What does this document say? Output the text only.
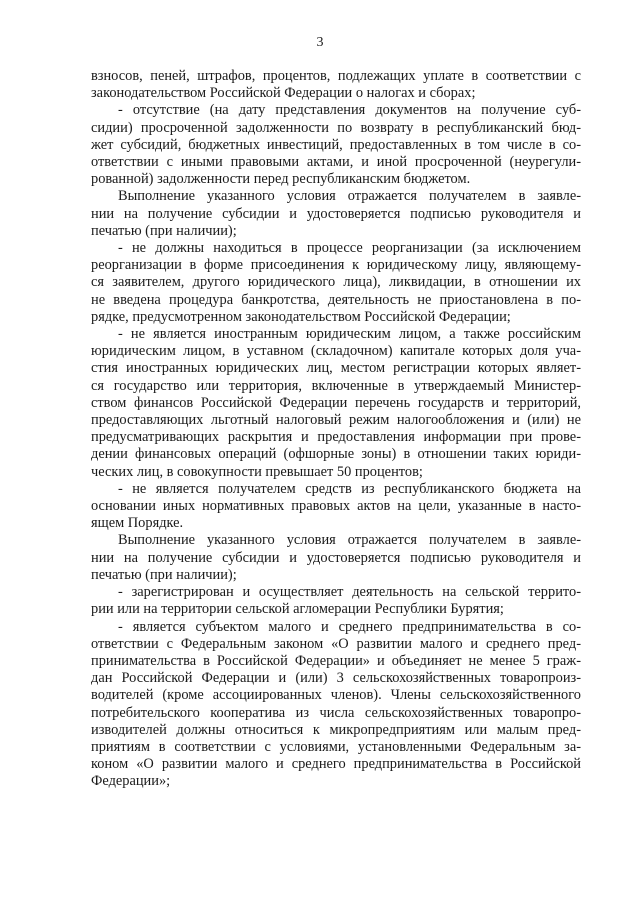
3
взносов, пеней, штрафов, процентов, подлежащих уплате в соответствии с
законодательством Российской Федерации о налогах и сборах;
- отсутствие (на дату представления документов на получение суб-
сидии) просроченной задолженности по возврату в республиканский бюд-
жет субсидий, бюджетных инвестиций, предоставленных в том числе в со-
ответствии с иными правовыми актами, и иной просроченной (неурегули-
рованной) задолженности перед республиканским бюджетом.
Выполнение указанного условия отражается получателем в заявле-
нии на получение субсидии и удостоверяется подписью руководителя и
печатью (при наличии);
- не должны находиться в процессе реорганизации (за исключением
реорганизации в форме присоединения к юридическому лицу, являющему-
ся заявителем, другого юридического лица), ликвидации, в отношении их
не введена процедура банкротства, деятельность не приостановлена в по-
рядке, предусмотренном законодательством Российской Федерации;
- не является иностранным юридическим лицом, а также российским
юридическим лицом, в уставном (складочном) капитале которых доля уча-
стия иностранных юридических лиц, местом регистрации которых являет-
ся государство или территория, включенные в утверждаемый Министер-
ством финансов Российской Федерации перечень государств и территорий,
предоставляющих льготный налоговый режим налогообложения и (или) не
предусматривающих раскрытия и предоставления информации при прове-
дении финансовых операций (офшорные зоны) в отношении таких юриди-
ческих лиц, в совокупности превышает 50 процентов;
- не является получателем средств из республиканского бюджета на
основании иных нормативных правовых актов на цели, указанные в насто-
ящем Порядке.
Выполнение указанного условия отражается получателем в заявле-
нии на получение субсидии и удостоверяется подписью руководителя и
печатью (при наличии);
- зарегистрирован и осуществляет деятельность на сельской террито-
рии или на территории сельской агломерации Республики Бурятия;
- является субъектом малого и среднего предпринимательства в со-
ответствии с Федеральным законом «О развитии малого и среднего пред-
принимательства в Российской Федерации» и объединяет не менее 5 граж-
дан Российской Федерации и (или) 3 сельскохозяйственных товаропроиз-
водителей (кроме ассоциированных членов). Члены сельскохозяйственного
потребительского кооператива из числа сельскохозяйственных товаропро-
изводителей должны относиться к микропредприятиям или малым пред-
приятиям в соответствии с условиями, установленными Федеральным за-
коном «О развитии малого и среднего предпринимательства в Российской
Федерации»;
